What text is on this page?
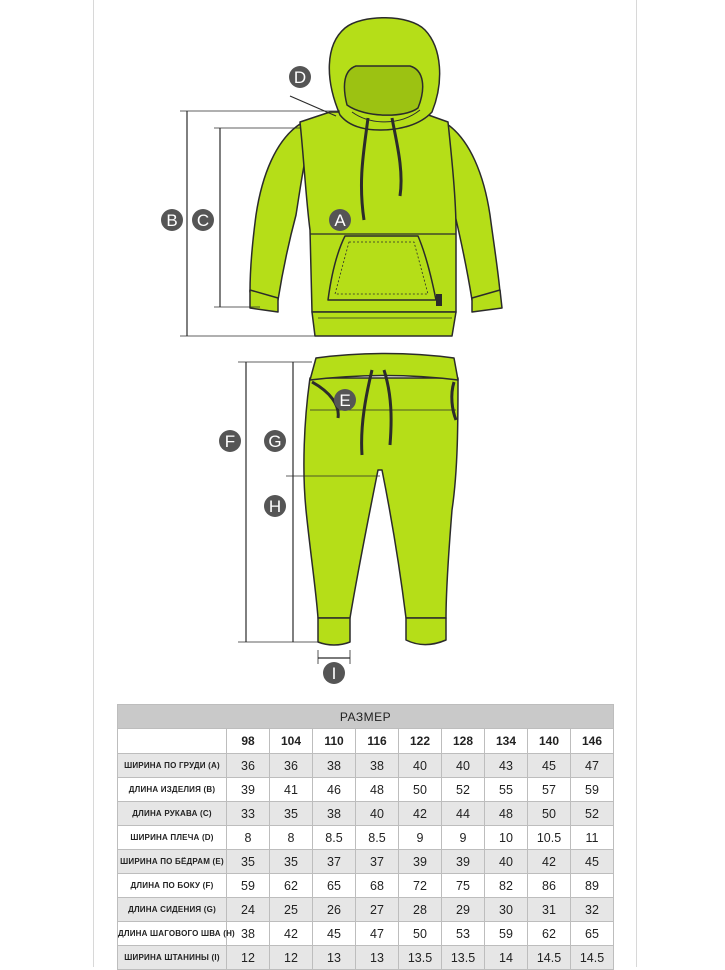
A
B C
D
E
F G
H
I
РАЗМЕР									
	98	104	110	116	122	128	134	140	146
ШИРИНА ПО ГРУДИ (A)	36	36	38	38	40	40	43	45	47
ДЛИНА ИЗДЕЛИЯ (B)	39	41	46	48	50	52	55	57	59
ДЛИНА РУКАВА (C)	33	35	38	40	42	44	48	50	52
ШИРИНА ПЛЕЧА (D)	8	8	8.5	8.5	9	9	10	10.5	11
ШИРИНА ПО БЁДРАМ (E)	35	35	37	37	39	39	40	42	45
ДЛИНА ПО БОКУ (F)	59	62	65	68	72	75	82	86	89
ДЛИНА СИДЕНИЯ (G)	24	25	26	27	28	29	30	31	32
ДЛИНА ШАГОВОГО ШВА (H)	38	42	45	47	50	53	59	62	65
ШИРИНА ШТАНИНЫ (I)	12	12	13	13	13.5	13.5	14	14.5	14.5
